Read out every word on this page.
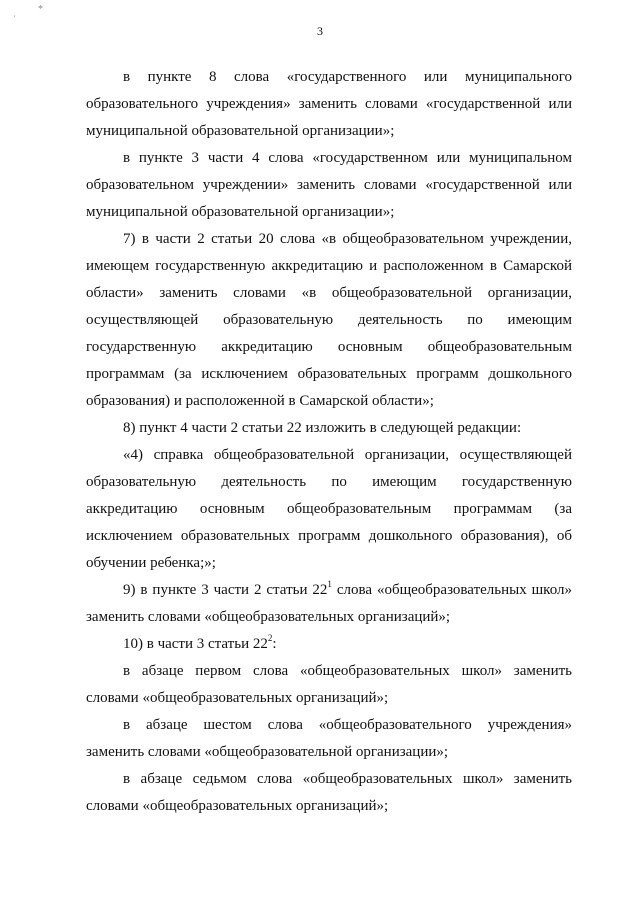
*
'
3

в пункте 8 слова «государственного или муниципального образовательного учреждения» заменить словами «государственной или муниципальной образовательной организации»;

в пункте 3 части 4 слова «государственном или муниципальном образовательном учреждении» заменить словами «государственной или муниципальной образовательной организации»;

7) в части 2 статьи 20 слова «в общеобразовательном учреждении, имеющем государственную аккредитацию и расположенном в Самарской области» заменить словами «в общеобразовательной организации, осуществляющей образовательную деятельность по имеющим государственную аккредитацию основным общеобразовательным программам (за исключением образовательных программ дошкольного образования) и расположенной в Самарской области»;

8) пункт 4 части 2 статьи 22 изложить в следующей редакции:

«4) справка общеобразовательной организации, осуществляющей образовательную деятельность по имеющим государственную аккредитацию основным общеобразовательным программам (за исключением образовательных программ дошкольного образования), об обучении ребенка;»;

9) в пункте 3 части 2 статьи $22^1$ слова «общеобразовательных школ» заменить словами «общеобразовательных организаций»;

10) в части 3 статьи $22^2$:

в абзаце первом слова «общеобразовательных школ» заменить словами «общеобразовательных организаций»;

в абзаце шестом слова «общеобразовательного учреждения» заменить словами «общеобразовательной организации»;

в абзаце седьмом слова «общеобразовательных школ» заменить словами «общеобразовательных организаций»;
